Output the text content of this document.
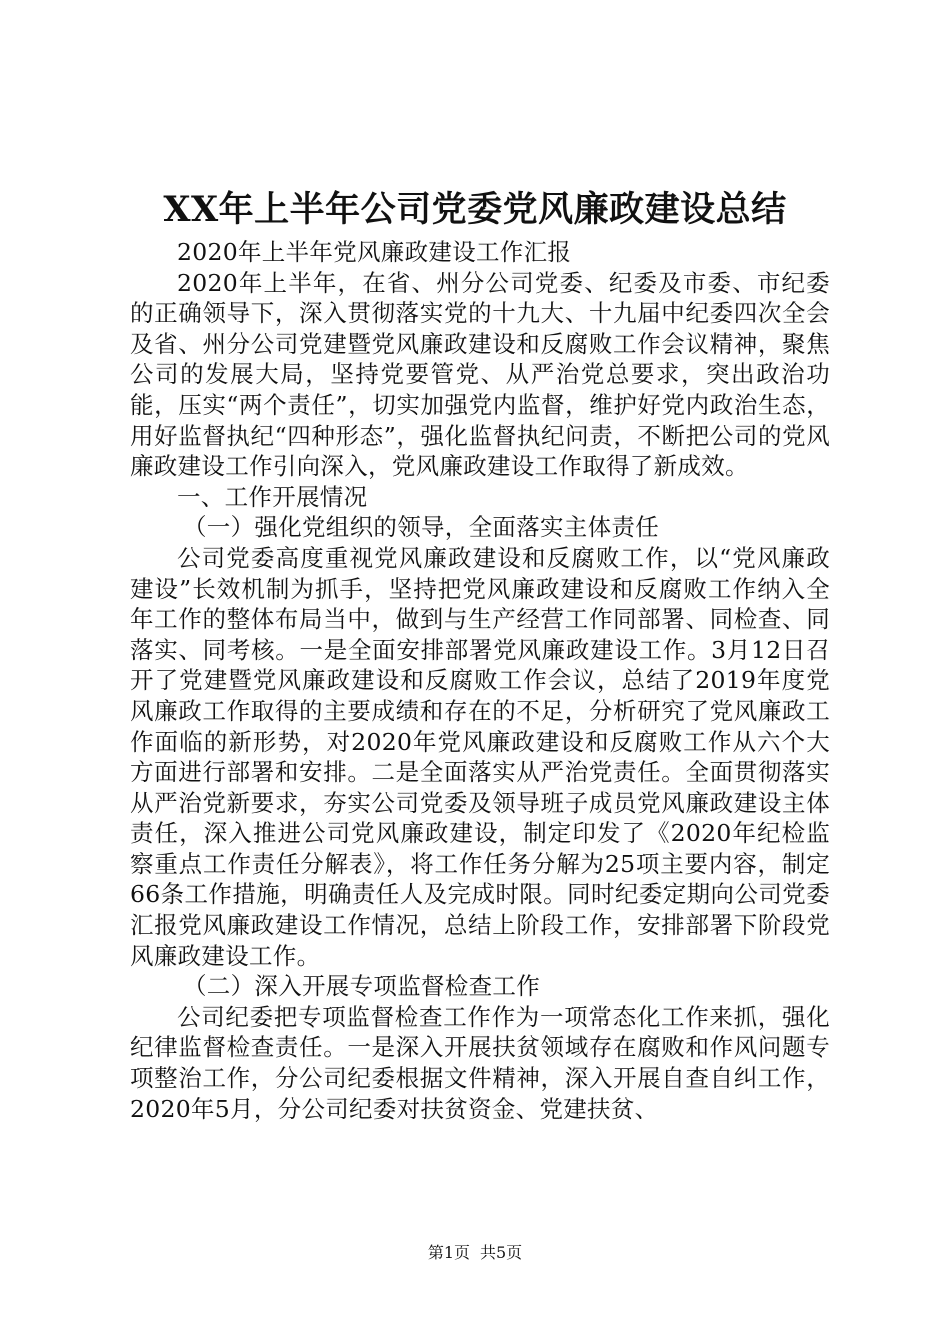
XX年上半年公司党委党风廉政建设总结

2020年上半年党风廉政建设工作汇报

2020年上半年，在省、州分公司党委、纪委及市委、市纪委的正确领导下，深入贯彻落实党的十九大、十九届中纪委四次全会及省、州分公司党建暨党风廉政建设和反腐败工作会议精神，聚焦公司的发展大局，坚持党要管党、从严治党总要求，突出政治功能，压实“两个责任”，切实加强党内监督，维护好党内政治生态，用好监督执纪“四种形态”，强化监督执纪问责，不断把公司的党风廉政建设工作引向深入，党风廉政建设工作取得了新成效。

一、工作开展情况

（一）强化党组织的领导，全面落实主体责任

公司党委高度重视党风廉政建设和反腐败工作，以“党风廉政建设”长效机制为抓手，坚持把党风廉政建设和反腐败工作纳入全年工作的整体布局当中，做到与生产经营工作同部署、同检查、同落实、同考核。一是全面安排部署党风廉政建设工作。3月12日召开了党建暨党风廉政建设和反腐败工作会议，总结了2019年度党风廉政工作取得的主要成绩和存在的不足，分析研究了党风廉政工作面临的新形势，对2020年党风廉政建设和反腐败工作从六个大方面进行部署和安排。二是全面落实从严治党责任。全面贯彻落实从严治党新要求，夯实公司党委及领导班子成员党风廉政建设主体责任，深入推进公司党风廉政建设，制定印发了《2020年纪检监察重点工作责任分解表》，将工作任务分解为25项主要内容，制定66条工作措施，明确责任人及完成时限。同时纪委定期向公司党委汇报党风廉政建设工作情况，总结上阶段工作，安排部署下阶段党风廉政建设工作。

（二）深入开展专项监督检查工作

公司纪委把专项监督检查工作作为一项常态化工作来抓，强化纪律监督检查责任。一是深入开展扶贫领域存在腐败和作风问题专项整治工作，分公司纪委根据文件精神，深入开展自查自纠工作，2020年5月，分公司纪委对扶贫资金、党建扶贫、

第1页 共5页
